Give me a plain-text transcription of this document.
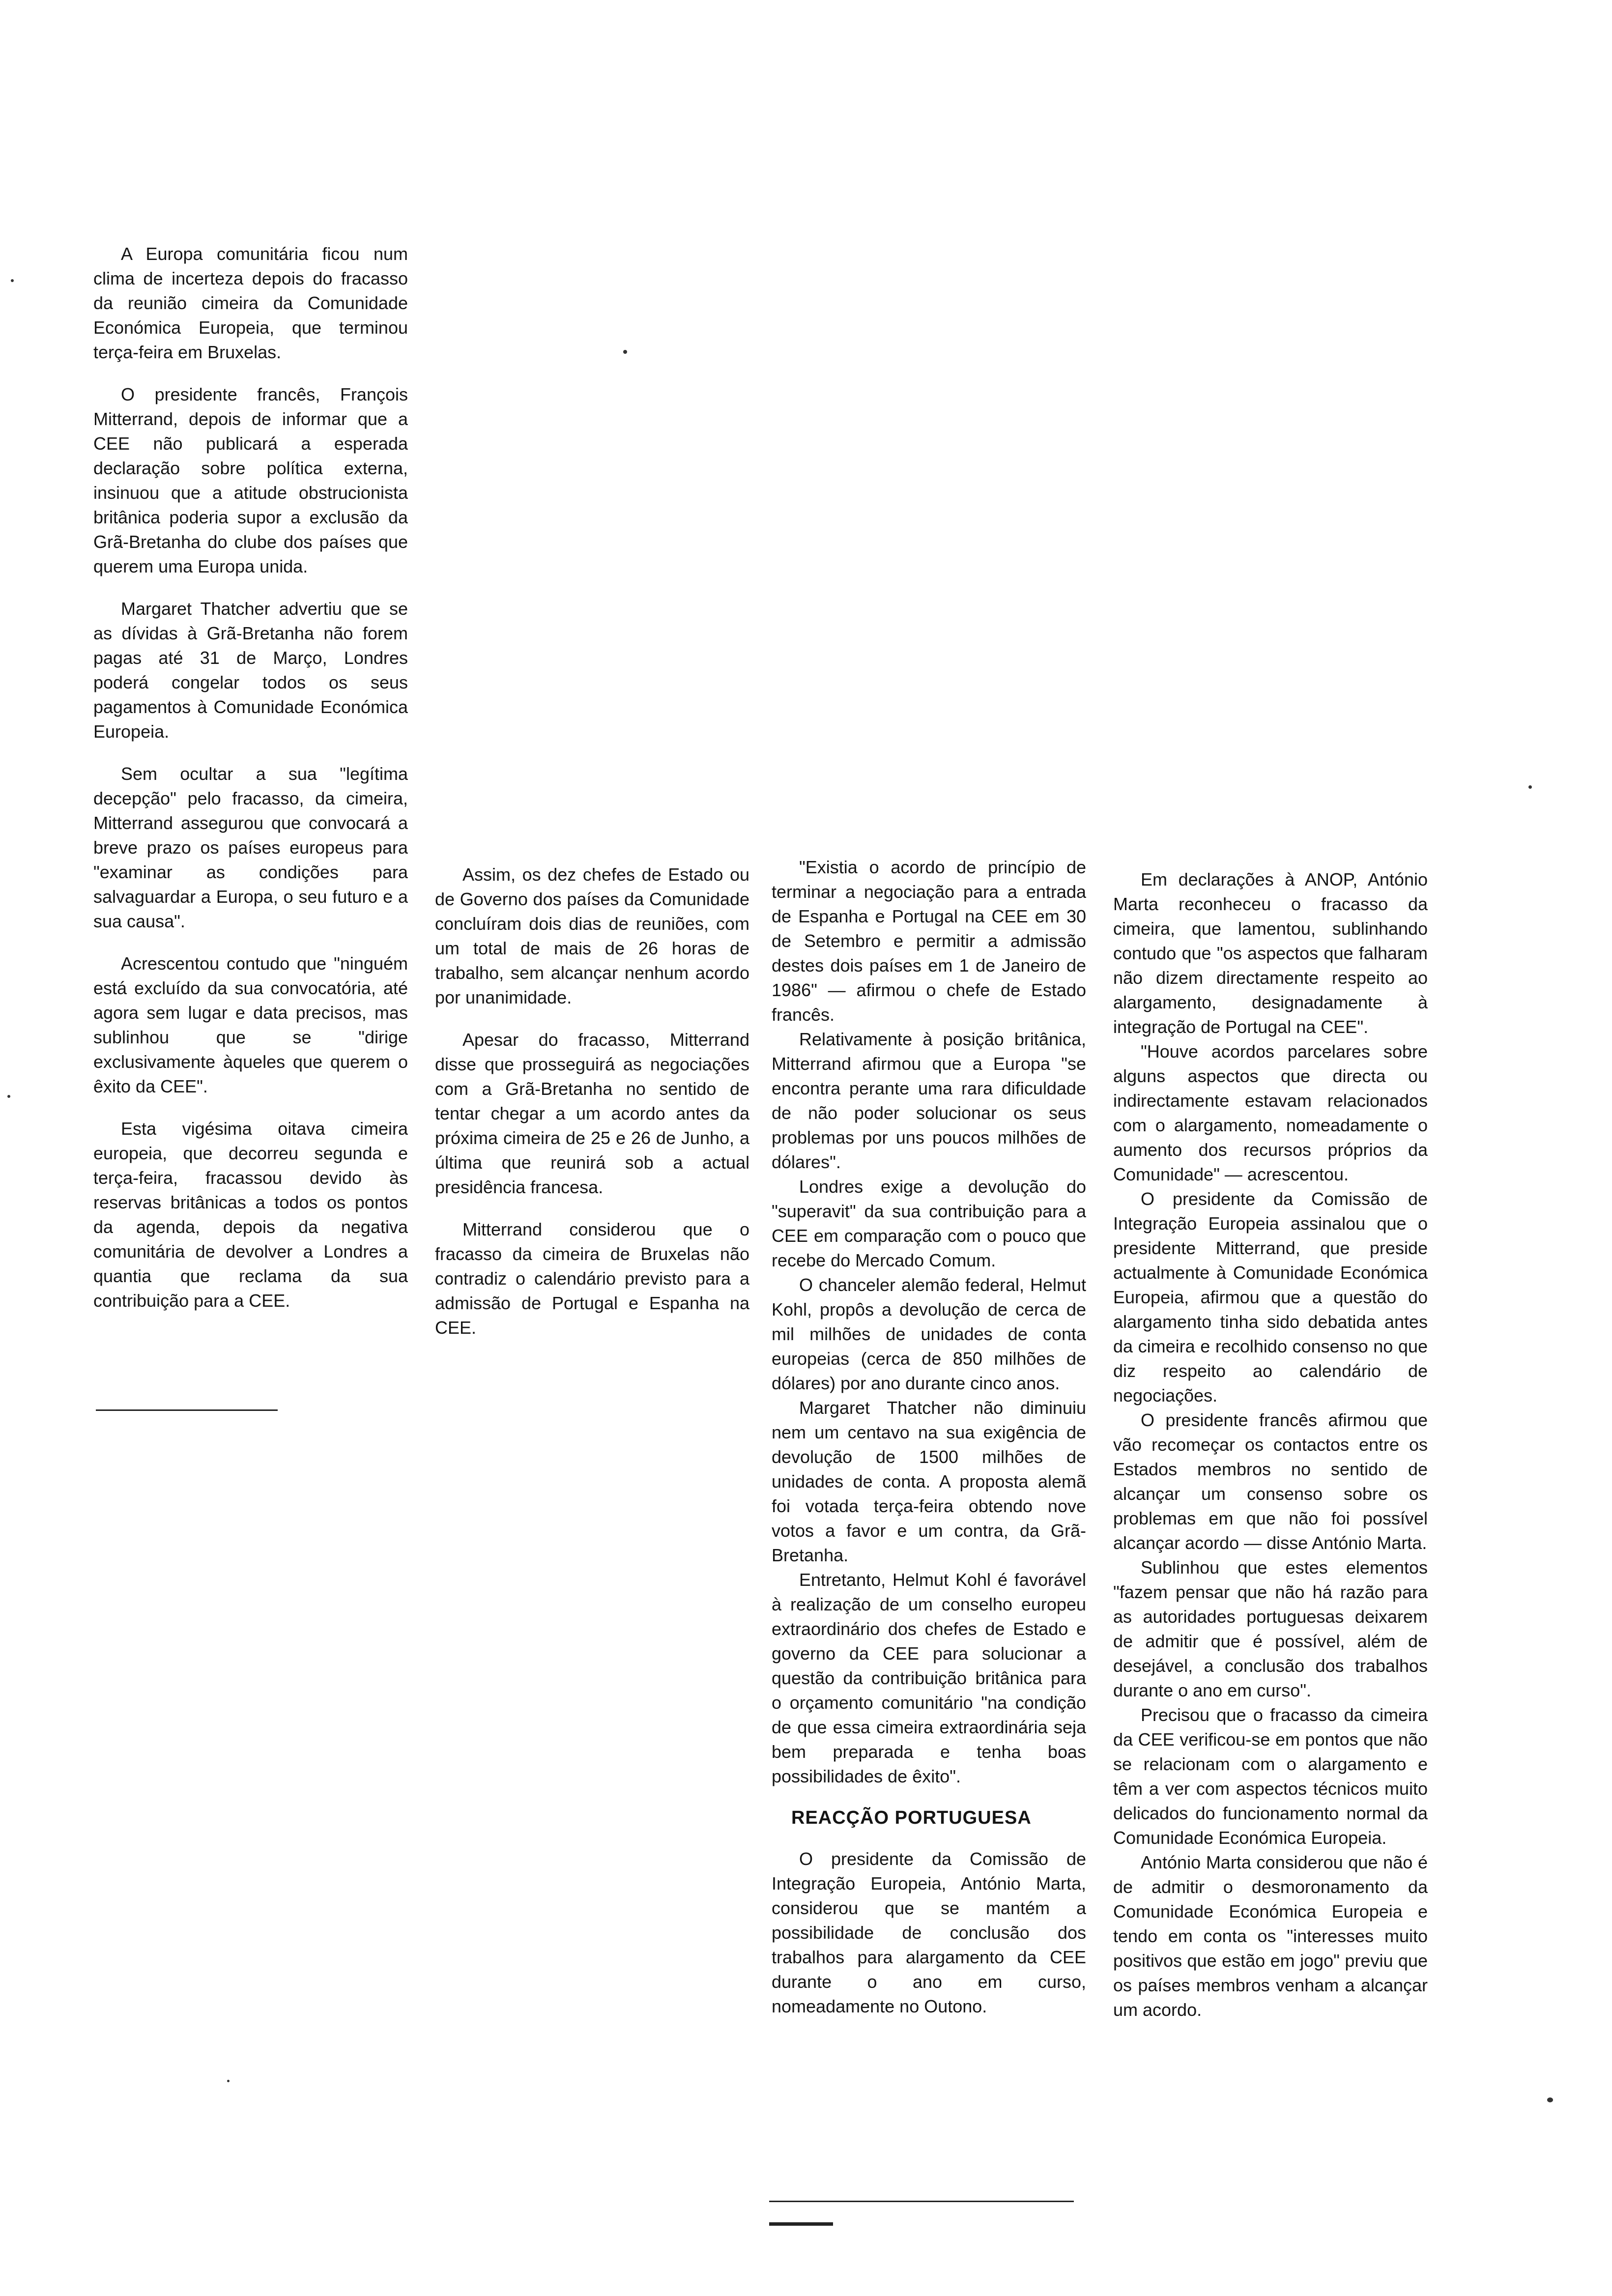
A Europa comunitária ficou num clima de incerteza depois do fracasso da reunião cimeira da Comunidade Económica Europeia, que terminou terça-feira em Bruxelas.

O presidente francês, François Mitterrand, depois de informar que a CEE não publicará a esperada declaração sobre política externa, insinuou que a atitude obstrucionista britânica poderia supor a exclusão da Grã-Bretanha do clube dos países que querem uma Europa unida.

Margaret Thatcher advertiu que se as dívidas à Grã-Bretanha não forem pagas até 31 de Março, Londres poderá congelar todos os seus pagamentos à Comunidade Económica Europeia.

Sem ocultar a sua "legítima decepção" pelo fracasso, da cimeira, Mitterrand assegurou que convocará a breve prazo os países europeus para "examinar as condições para salvaguardar a Europa, o seu futuro e a sua causa".

Acrescentou contudo que "ninguém está excluído da sua convocatória, até agora sem lugar e data precisos, mas sublinhou que se "dirige exclusivamente àqueles que querem o êxito da CEE".

Esta vigésima oitava cimeira europeia, que decorreu segunda e terça-feira, fracassou devido às reservas britânicas a todos os pontos da agenda, depois da negativa comunitária de devolver a Londres a quantia que reclama da sua contribuição para a CEE.

Assim, os dez chefes de Estado ou de Governo dos países da Comunidade concluíram dois dias de reuniões, com um total de mais de 26 horas de trabalho, sem alcançar nenhum acordo por unanimidade.

Apesar do fracasso, Mitterrand disse que prosseguirá as negociações com a Grã-Bretanha no sentido de tentar chegar a um acordo antes da próxima cimeira de 25 e 26 de Junho, a última que reunirá sob a actual presidência francesa.

Mitterrand considerou que o fracasso da cimeira de Bruxelas não contradiz o calendário previsto para a admissão de Portugal e Espanha na CEE.

"Existia o acordo de princípio de terminar a negociação para a entrada de Espanha e Portugal na CEE em 30 de Setembro e permitir a admissão destes dois países em 1 de Janeiro de 1986" — afirmou o chefe de Estado francês.

Relativamente à posição britânica, Mitterrand afirmou que a Europa "se encontra perante uma rara dificuldade de não poder solucionar os seus problemas por uns poucos milhões de dólares".

Londres exige a devolução do "superavit" da sua contribuição para a CEE em comparação com o pouco que recebe do Mercado Comum.

O chanceler alemão federal, Helmut Kohl, propôs a devolução de cerca de mil milhões de unidades de conta europeias (cerca de 850 milhões de dólares) por ano durante cinco anos.

Margaret Thatcher não diminuiu nem um centavo na sua exigência de devolução de 1500 milhões de unidades de conta. A proposta alemã foi votada terça-feira obtendo nove votos a favor e um contra, da Grã-Bretanha.

Entretanto, Helmut Kohl é favorável à realização de um conselho europeu extraordinário dos chefes de Estado e governo da CEE para solucionar a questão da contribuição britânica para o orçamento comunitário "na condição de que essa cimeira extraordinária seja bem preparada e tenha boas possibilidades de êxito".

REACÇÃO PORTUGUESA

O presidente da Comissão de Integração Europeia, António Marta, considerou que se mantém a possibilidade de conclusão dos trabalhos para alargamento da CEE durante o ano em curso, nomeadamente no Outono.

Em declarações à ANOP, António Marta reconheceu o fracasso da cimeira, que lamentou, sublinhando contudo que "os aspectos que falharam não dizem directamente respeito ao alargamento, designadamente à integração de Portugal na CEE".

"Houve acordos parcelares sobre alguns aspectos que directa ou indirectamente estavam relacionados com o alargamento, nomeadamente o aumento dos recursos próprios da Comunidade" — acrescentou.

O presidente da Comissão de Integração Europeia assinalou que o presidente Mitterrand, que preside actualmente à Comunidade Económica Europeia, afirmou que a questão do alargamento tinha sido debatida antes da cimeira e recolhido consenso no que diz respeito ao calendário de negociações.

O presidente francês afirmou que vão recomeçar os contactos entre os Estados membros no sentido de alcançar um consenso sobre os problemas em que não foi possível alcançar acordo — disse António Marta.

Sublinhou que estes elementos "fazem pensar que não há razão para as autoridades portuguesas deixarem de admitir que é possível, além de desejável, a conclusão dos trabalhos durante o ano em curso".

Precisou que o fracasso da cimeira da CEE verificou-se em pontos que não se relacionam com o alargamento e têm a ver com aspectos técnicos muito delicados do funcionamento normal da Comunidade Económica Europeia.

António Marta considerou que não é de admitir o desmoronamento da Comunidade Económica Europeia e tendo em conta os "interesses muito positivos que estão em jogo" previu que os países membros venham a alcançar um acordo.
